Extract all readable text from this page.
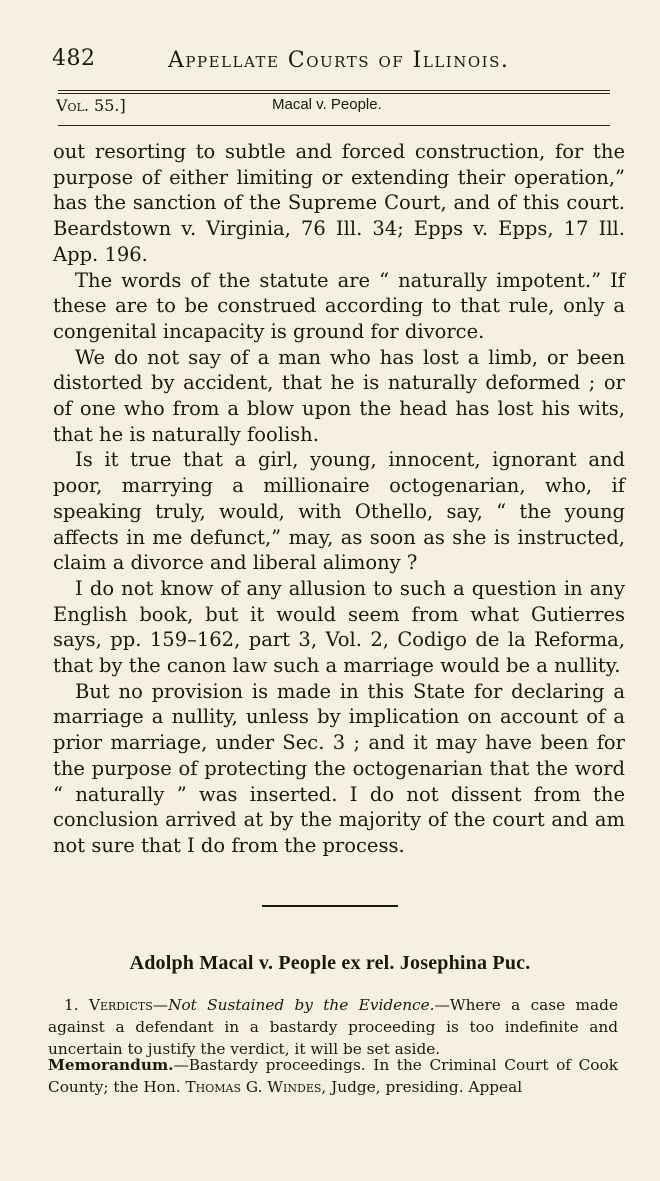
482	Appellate Courts of Illinois.
Vol. 55.]	Macal v. People.

out resorting to subtle and forced construction, for the purpose of either limiting or extending their operation,” has the sanction of the Supreme Court, and of this court. Beardstown v. Virginia, 76 Ill. 34; Epps v. Epps, 17 Ill. App. 196.

The words of the statute are “ naturally impotent.” If these are to be construed according to that rule, only a congenital incapacity is ground for divorce.

We do not say of a man who has lost a limb, or been distorted by accident, that he is naturally deformed ; or of one who from a blow upon the head has lost his wits, that he is naturally foolish.

Is it true that a girl, young, innocent, ignorant and poor, marrying a millionaire octogenarian, who, if speaking truly, would, with Othello, say, “ the young affects in me defunct,” may, as soon as she is instructed, claim a divorce and liberal alimony ?

I do not know of any allusion to such a question in any English book, but it would seem from what Gutierres says, pp. 159–162, part 3, Vol. 2, Codigo de la Reforma, that by the canon law such a marriage would be a nullity.

But no provision is made in this State for declaring a marriage a nullity, unless by implication on account of a prior marriage, under Sec. 3 ; and it may have been for the purpose of protecting the octogenarian that the word “ naturally ” was inserted. I do not dissent from the conclusion arrived at by the majority of the court and am not sure that I do from the process.

Adolph Macal v. People ex rel. Josephina Puc.

1. Verdicts—Not Sustained by the Evidence.—Where a case made against a defendant in a bastardy proceeding is too indefinite and uncertain to justify the verdict, it will be set aside.

Memorandum.—Bastardy proceedings. In the Criminal Court of Cook County; the Hon. Thomas G. Windes, Judge, presiding. Appeal
